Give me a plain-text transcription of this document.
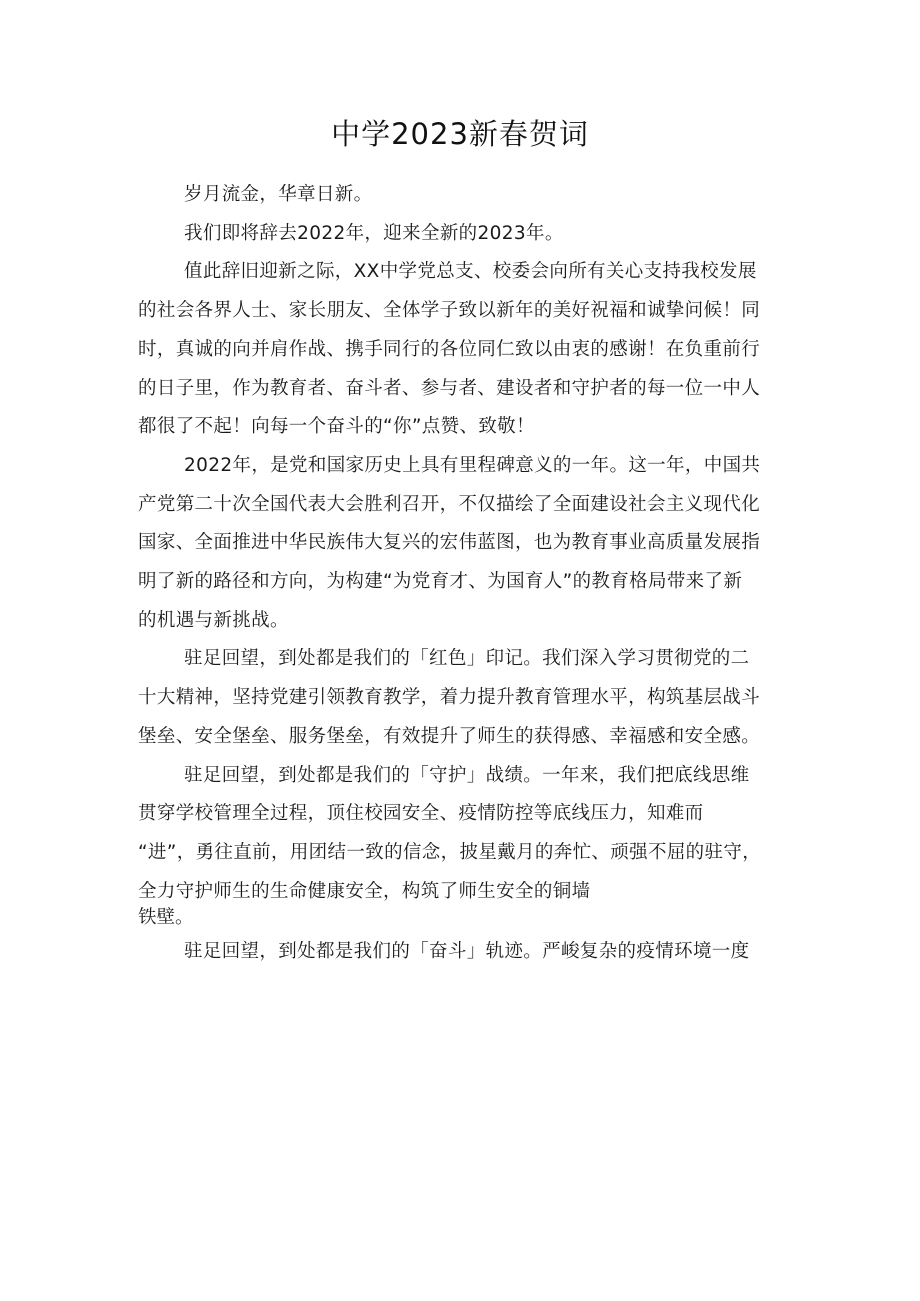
中学2023新春贺词
岁月流金，华章日新。
我们即将辞去2022年，迎来全新的2023年。
值此辞旧迎新之际，XX中学党总支、校委会向所有关心支持我校发展
的社会各界人士、家长朋友、全体学子致以新年的美好祝福和诚挚问候！同
时，真诚的向并肩作战、携手同行的各位同仁致以由衷的感谢！在负重前行
的日子里，作为教育者、奋斗者、参与者、建设者和守护者的每一位一中人
都很了不起！向每一个奋斗的“你”点赞、致敬！
2022年，是党和国家历史上具有里程碑意义的一年。这一年，中国共
产党第二十次全国代表大会胜利召开，不仅描绘了全面建设社会主义现代化
国家、全面推进中华民族伟大复兴的宏伟蓝图，也为教育事业高质量发展指
明了新的路径和方向，为构建“为党育才、为国育人”的教育格局带来了新
的机遇与新挑战。
驻足回望，到处都是我们的「红色」印记。我们深入学习贯彻党的二
十大精神，坚持党建引领教育教学，着力提升教育管理水平，构筑基层战斗
堡垒、安全堡垒、服务堡垒，有效提升了师生的获得感、幸福感和安全感。
驻足回望，到处都是我们的「守护」战绩。一年来，我们把底线思维
贯穿学校管理全过程，顶住校园安全、疫情防控等底线压力，知难而
“进”，勇往直前，用团结一致的信念，披星戴月的奔忙、顽强不屈的驻守，
全力守护师生的生命健康安全，构筑了师生安全的铜墙
铁壁。
驻足回望，到处都是我们的「奋斗」轨迹。严峻复杂的疫情环境一度
